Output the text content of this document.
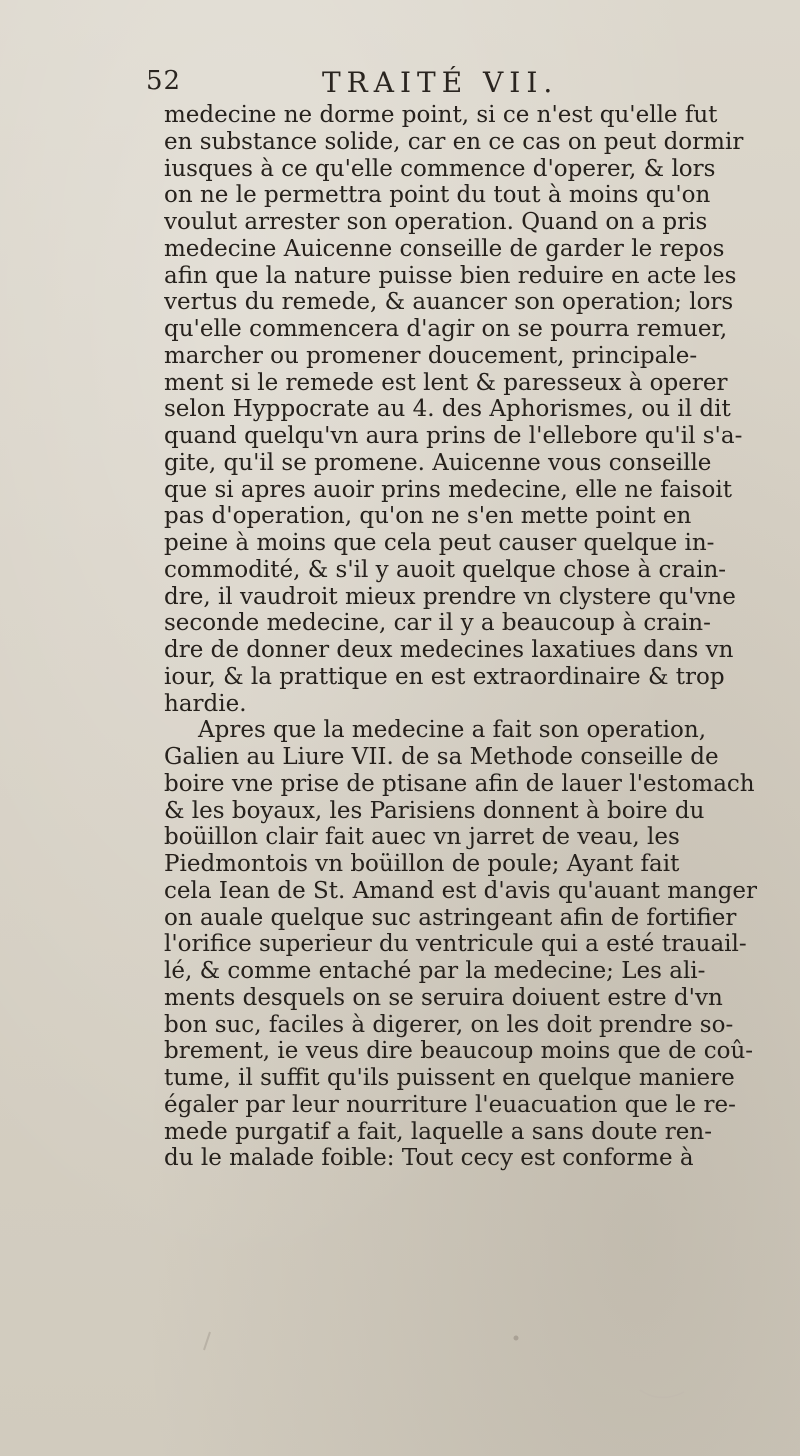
52	TRAITÉ VII.
medecine ne dorme point, si ce n'est qu'elle fut
en substance solide, car en ce cas on peut dormir
iusques à ce qu'elle commence d'operer, & lors
on ne le permettra point du tout à moins qu'on
voulut arrester son operation. Quand on a pris
medecine Auicenne conseille de garder le repos
afin que la nature puisse bien reduire en acte les
vertus du remede, & auancer son operation; lors
qu'elle commencera d'agir on se pourra remuer,
marcher ou promener doucement, principale-
ment si le remede est lent & paresseux à operer
selon Hyppocrate au 4. des Aphorismes, ou il dit
quand quelqu'vn aura prins de l'ellebore qu'il s'a-
gite, qu'il se promene. Auicenne vous conseille
que si apres auoir prins medecine, elle ne faisoit
pas d'operation, qu'on ne s'en mette point en
peine à moins que cela peut causer quelque in-
commodité, & s'il y auoit quelque chose à crain-
dre, il vaudroit mieux prendre vn clystere qu'vne
seconde medecine, car il y a beaucoup à crain-
dre de donner deux medecines laxatiues dans vn
iour, & la prattique en est extraordinaire & trop
hardie.
Apres que la medecine a fait son operation,
Galien au Liure VII. de sa Methode conseille de
boire vne prise de ptisane afin de lauer l'estomach
& les boyaux, les Parisiens donnent à boire du
boüillon clair fait auec vn jarret de veau, les
Piedmontois vn boüillon de poule; Ayant fait
cela Iean de St. Amand est d'avis qu'auant manger
on auale quelque suc astringeant afin de fortifier
l'orifice superieur du ventricule qui a esté trauail-
lé, & comme entaché par la medecine; Les ali-
ments desquels on se seruira doiuent estre d'vn
bon suc, faciles à digerer, on les doit prendre so-
brement, ie veus dire beaucoup moins que de coû-
tume, il suffit qu'ils puissent en quelque maniere
égaler par leur nourriture l'euacuation que le re-
mede purgatif a fait, laquelle a sans doute ren-
du le malade foible: Tout cecy est conforme à
